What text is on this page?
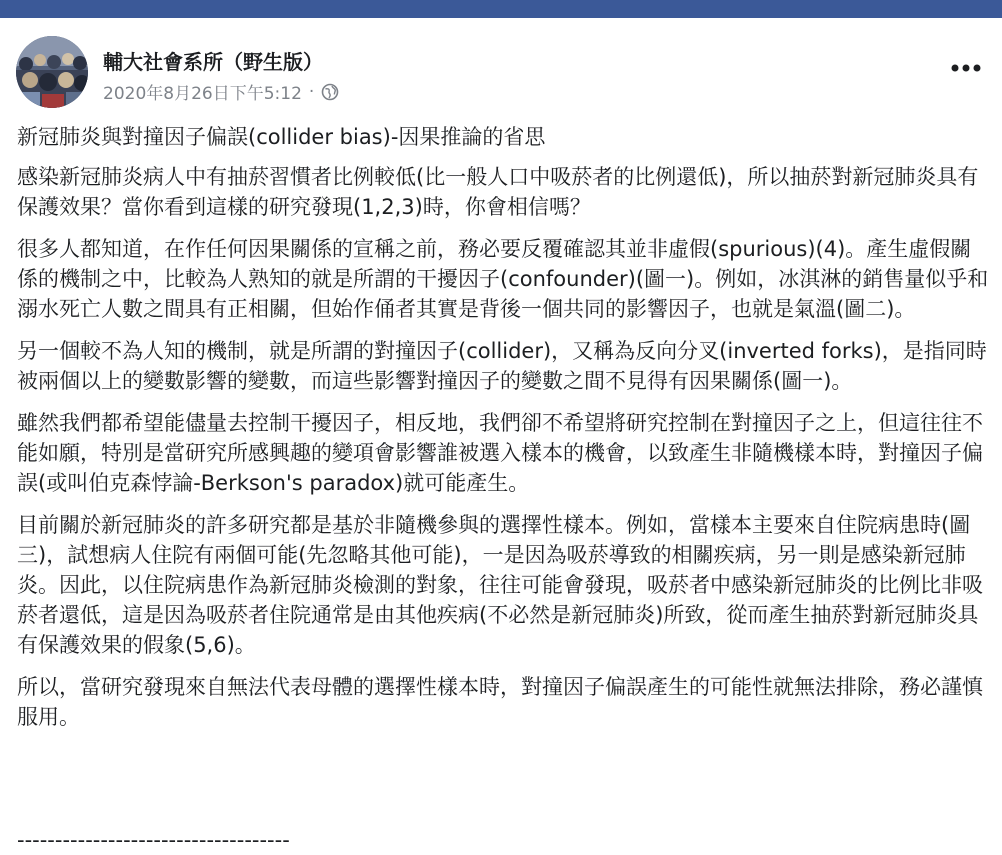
輔大社會系所（野生版）
2020年8月26日下午5:12 ·

新冠肺炎與對撞因子偏誤(collider bias)-因果推論的省思

感染新冠肺炎病人中有抽菸習慣者比例較低(比一般人口中吸菸者的比例還低)，所以抽菸對新冠肺炎具有保護效果？當你看到這樣的研究發現(1,2,3)時，你會相信嗎？

很多人都知道，在作任何因果關係的宣稱之前，務必要反覆確認其並非虛假(spurious)(4)。產生虛假關係的機制之中，比較為人熟知的就是所謂的干擾因子(confounder)(圖一)。例如，冰淇淋的銷售量似乎和溺水死亡人數之間具有正相關，但始作俑者其實是背後一個共同的影響因子，也就是氣溫(圖二)。

另一個較不為人知的機制，就是所謂的對撞因子(collider)，又稱為反向分叉(inverted forks)，是指同時被兩個以上的變數影響的變數，而這些影響對撞因子的變數之間不見得有因果關係(圖一)。

雖然我們都希望能儘量去控制干擾因子，相反地，我們卻不希望將研究控制在對撞因子之上，但這往往不能如願，特別是當研究所感興趣的變項會影響誰被選入樣本的機會，以致產生非隨機樣本時，對撞因子偏誤(或叫伯克森悖論-Berkson's paradox)就可能產生。

目前關於新冠肺炎的許多研究都是基於非隨機參與的選擇性樣本。例如，當樣本主要來自住院病患時(圖三)，試想病人住院有兩個可能(先忽略其他可能)，一是因為吸菸導致的相關疾病，另一則是感染新冠肺炎。因此，以住院病患作為新冠肺炎檢測的對象，往往可能會發現，吸菸者中感染新冠肺炎的比例比非吸菸者還低，這是因為吸菸者住院通常是由其他疾病(不必然是新冠肺炎)所致，從而產生抽菸對新冠肺炎具有保護效果的假象(5,6)。

所以，當研究發現來自無法代表母體的選擇性樣本時，對撞因子偏誤產生的可能性就無法排除，務必謹慎服用。

------------------------------------
